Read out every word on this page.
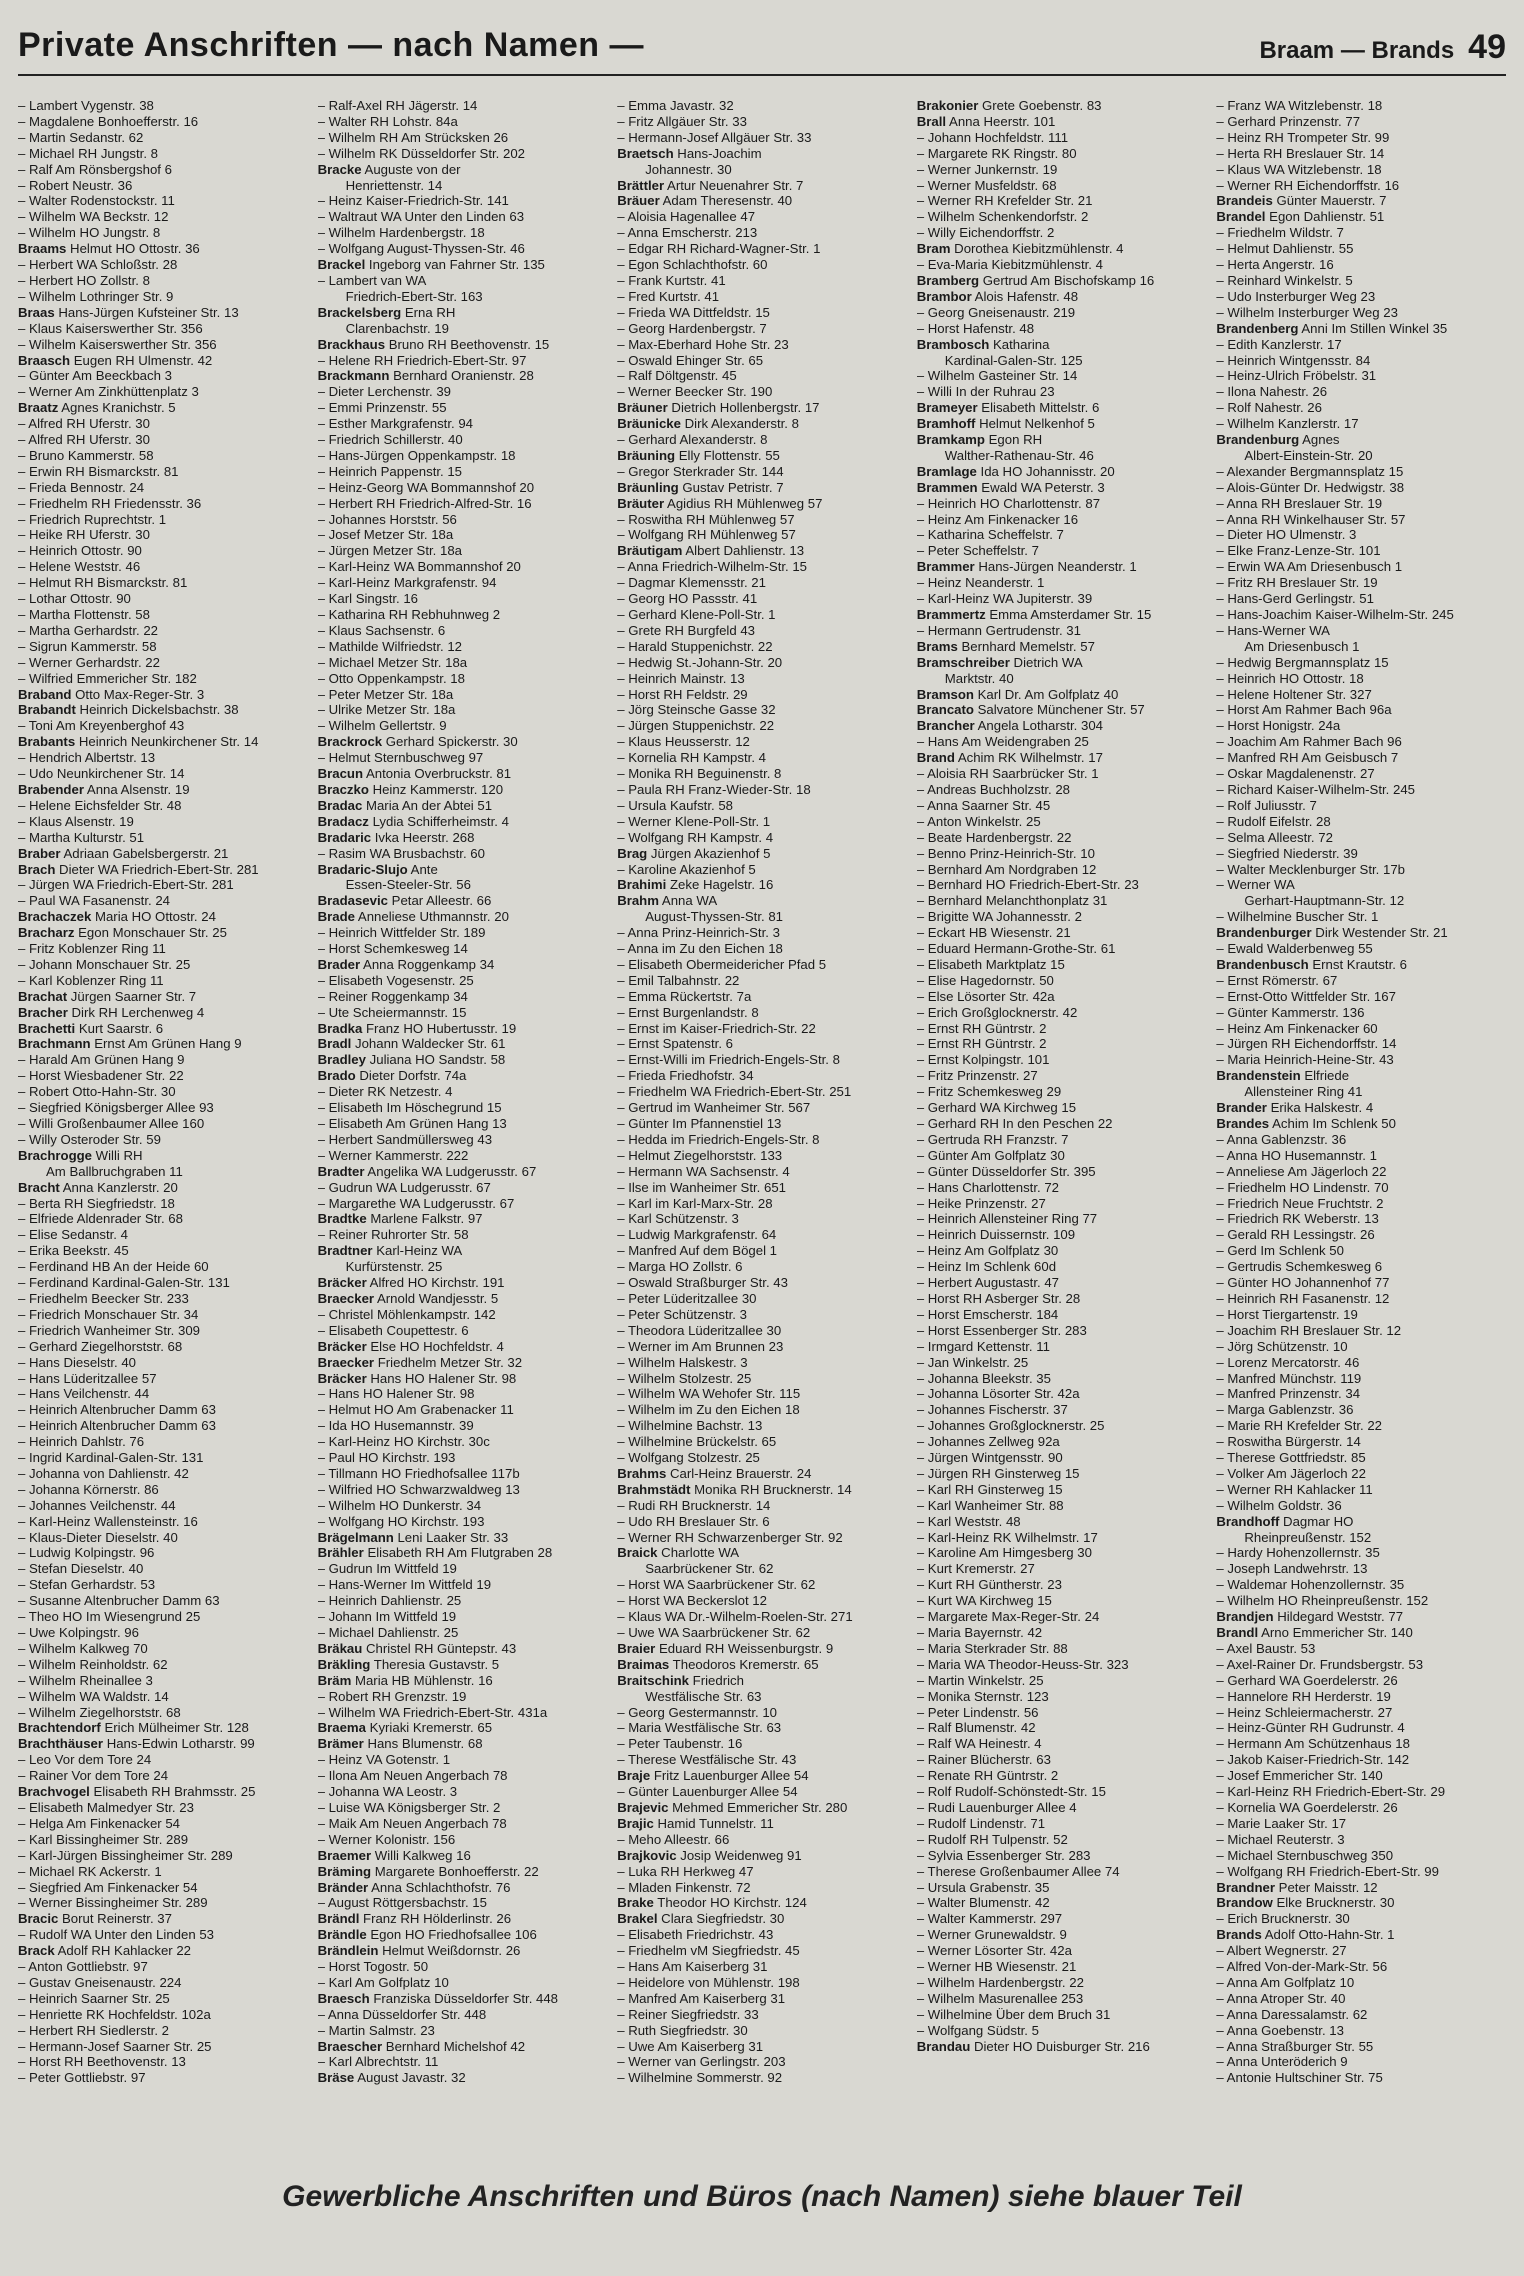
Private Anschriften — nach Namen —	Braam — Brands 49
– Lambert Vygenstr. 38
– Magdalene Bonhoefferstr. 16
– Martin Sedanstr. 62
– Michael RH Jungstr. 8
– Ralf Am Rönsbergshof 6
– Robert Neustr. 36
– Walter Rodenstockstr. 11
– Wilhelm WA Beckstr. 12
– Wilhelm HO Jungstr. 8
Braams Helmut HO Ottostr. 36
– Herbert WA Schloßstr. 28
– Herbert HO Zollstr. 8
– Wilhelm Lothringer Str. 9
Braas Hans-Jürgen Kufsteiner Str. 13
– Klaus Kaiserswerther Str. 356
– Wilhelm Kaiserswerther Str. 356
Braasch Eugen RH Ulmenstr. 42
– Günter Am Beeckbach 3
– Werner Am Zinkhüttenplatz 3
Braatz Agnes Kranichstr. 5
– Alfred RH Uferstr. 30
– Alfred RH Uferstr. 30
– Bruno Kammerstr. 58
– Erwin RH Bismarckstr. 81
– Frieda Bennostr. 24
– Friedhelm RH Friedensstr. 36
– Friedrich Ruprechtstr. 1
– Heike RH Uferstr. 30
– Heinrich Ottostr. 90
– Helene Weststr. 46
– Helmut RH Bismarckstr. 81
– Lothar Ottostr. 90
– Martha Flottenstr. 58
– Martha Gerhardstr. 22
– Sigrun Kammerstr. 58
– Werner Gerhardstr. 22
– Wilfried Emmericher Str. 182
Braband Otto Max-Reger-Str. 3
Brabandt Heinrich Dickelsbachstr. 38
– Toni Am Kreyenberghof 43
Brabants Heinrich Neunkirchener Str. 14
– Hendrich Albertstr. 13
– Udo Neunkirchener Str. 14
Brabender Anna Alsenstr. 19
– Helene Eichsfelder Str. 48
– Klaus Alsenstr. 19
– Martha Kulturstr. 51
Braber Adriaan Gabelsbergerstr. 21
Brach Dieter WA Friedrich-Ebert-Str. 281
– Jürgen WA Friedrich-Ebert-Str. 281
– Paul WA Fasanenstr. 24
Brachaczek Maria HO Ottostr. 24
Bracharz Egon Monschauer Str. 25
– Fritz Koblenzer Ring 11
– Johann Monschauer Str. 25
– Karl Koblenzer Ring 11
Brachat Jürgen Saarner Str. 7
Bracher Dirk RH Lerchenweg 4
Brachetti Kurt Saarstr. 6
Brachmann Ernst Am Grünen Hang 9
– Harald Am Grünen Hang 9
– Horst Wiesbadener Str. 22
– Robert Otto-Hahn-Str. 30
– Siegfried Königsberger Allee 93
– Willi Großenbaumer Allee 160
– Willy Osteroder Str. 59
Brachrogge Willi RH
Am Ballbruchgraben 11
Bracht Anna Kanzlerstr. 20
– Berta RH Siegfriedstr. 18
– Elfriede Aldenrader Str. 68
– Elise Sedanstr. 4
– Erika Beekstr. 45
– Ferdinand HB An der Heide 60
– Ferdinand Kardinal-Galen-Str. 131
– Friedhelm Beecker Str. 233
– Friedrich Monschauer Str. 34
– Friedrich Wanheimer Str. 309
– Gerhard Ziegelhorststr. 68
– Hans Dieselstr. 40
– Hans Lüderitzallee 57
– Hans Veilchenstr. 44
– Heinrich Altenbrucher Damm 63
– Heinrich Altenbrucher Damm 63
– Heinrich Dahlstr. 76
– Ingrid Kardinal-Galen-Str. 131
– Johanna von Dahlienstr. 42
– Johanna Körnerstr. 86
– Johannes Veilchenstr. 44
– Karl-Heinz Wallensteinstr. 16
– Klaus-Dieter Dieselstr. 40
– Ludwig Kolpingstr. 96
– Stefan Dieselstr. 40
– Stefan Gerhardstr. 53
– Susanne Altenbrucher Damm 63
– Theo HO Im Wiesengrund 25
– Uwe Kolpingstr. 96
– Wilhelm Kalkweg 70
– Wilhelm Reinholdstr. 62
– Wilhelm Rheinallee 3
– Wilhelm WA Waldstr. 14
– Wilhelm Ziegelhorststr. 68
Brachtendorf Erich Mülheimer Str. 128
Brachthäuser Hans-Edwin Lotharstr. 99
– Leo Vor dem Tore 24
– Rainer Vor dem Tore 24
Brachvogel Elisabeth RH Brahmsstr. 25
– Elisabeth Malmedyer Str. 23
– Helga Am Finkenacker 54
– Karl Bissingheimer Str. 289
– Karl-Jürgen Bissingheimer Str. 289
– Michael RK Ackerstr. 1
– Siegfried Am Finkenacker 54
– Werner Bissingheimer Str. 289
Bracic Borut Reinerstr. 37
– Rudolf WA Unter den Linden 53
Brack Adolf RH Kahlacker 22
– Anton Gottliebstr. 97
– Gustav Gneisenaustr. 224
– Heinrich Saarner Str. 25
– Henriette RK Hochfeldstr. 102a
– Herbert RH Siedlerstr. 2
– Hermann-Josef Saarner Str. 25
– Horst RH Beethovenstr. 13
– Peter Gottliebstr. 97
– Ralf-Axel RH Jägerstr. 14
– Walter RH Lohstr. 84a
– Wilhelm RH Am Strücksken 26
– Wilhelm RK Düsseldorfer Str. 202
Bracke Auguste von der
Henriettenstr. 14
– Heinz Kaiser-Friedrich-Str. 141
– Waltraut WA Unter den Linden 63
– Wilhelm Hardenbergstr. 18
– Wolfgang August-Thyssen-Str. 46
Brackel Ingeborg van Fahrner Str. 135
– Lambert van WA
Friedrich-Ebert-Str. 163
Brackelsberg Erna RH
Clarenbachstr. 19
Brackhaus Bruno RH Beethovenstr. 15
– Helene RH Friedrich-Ebert-Str. 97
Brackmann Bernhard Oranienstr. 28
– Dieter Lerchenstr. 39
– Emmi Prinzenstr. 55
– Esther Markgrafenstr. 94
– Friedrich Schillerstr. 40
– Hans-Jürgen Oppenkampstr. 18
– Heinrich Pappenstr. 15
– Heinz-Georg WA Bommannshof 20
– Herbert RH Friedrich-Alfred-Str. 16
– Johannes Horststr. 56
– Josef Metzer Str. 18a
– Jürgen Metzer Str. 18a
– Karl-Heinz WA Bommannshof 20
– Karl-Heinz Markgrafenstr. 94
– Karl Singstr. 16
– Katharina RH Rebhuhnweg 2
– Klaus Sachsenstr. 6
– Mathilde Wilfriedstr. 12
– Michael Metzer Str. 18a
– Otto Oppenkampstr. 18
– Peter Metzer Str. 18a
– Ulrike Metzer Str. 18a
– Wilhelm Gellertstr. 9
Brackrock Gerhard Spickerstr. 30
– Helmut Sternbuschweg 97
Bracun Antonia Overbruckstr. 81
Braczko Heinz Kammerstr. 120
Bradac Maria An der Abtei 51
Bradacz Lydia Schifferheimstr. 4
Bradaric Ivka Heerstr. 268
– Rasim WA Brusbachstr. 60
Bradaric-Slujo Ante
Essen-Steeler-Str. 56
Bradasevic Petar Alleestr. 66
Brade Anneliese Uthmannstr. 20
– Heinrich Wittfelder Str. 189
– Horst Schemkesweg 14
Brader Anna Roggenkamp 34
– Elisabeth Vogesenstr. 25
– Reiner Roggenkamp 34
– Ute Scheiermannstr. 15
Bradka Franz HO Hubertusstr. 19
Bradl Johann Waldecker Str. 61
Bradley Juliana HO Sandstr. 58
Brado Dieter Dorfstr. 74a
– Dieter RK Netzestr. 4
– Elisabeth Im Höschegrund 15
– Elisabeth Am Grünen Hang 13
– Herbert Sandmüllersweg 43
– Werner Kammerstr. 222
Bradter Angelika WA Ludgerusstr. 67
– Gudrun WA Ludgerusstr. 67
– Margarethe WA Ludgerusstr. 67
Bradtke Marlene Falkstr. 97
– Reiner Ruhrorter Str. 58
Bradtner Karl-Heinz WA
Kurfürstenstr. 25
Bräcker Alfred HO Kirchstr. 191
Braecker Arnold Wandjesstr. 5
– Christel Möhlenkampstr. 142
– Elisabeth Coupettestr. 6
Bräcker Else HO Hochfeldstr. 4
Braecker Friedhelm Metzer Str. 32
Bräcker Hans HO Halener Str. 98
– Hans HO Halener Str. 98
– Helmut HO Am Grabenacker 11
– Ida HO Husemannstr. 39
– Karl-Heinz HO Kirchstr. 30c
– Paul HO Kirchstr. 193
– Tillmann HO Friedhofsallee 117b
– Wilfried HO Schwarzwaldweg 13
– Wilhelm HO Dunkerstr. 34
– Wolfgang HO Kirchstr. 193
Brägelmann Leni Laaker Str. 33
Brähler Elisabeth RH Am Flutgraben 28
– Gudrun Im Wittfeld 19
– Hans-Werner Im Wittfeld 19
– Heinrich Dahlienstr. 25
– Johann Im Wittfeld 19
– Michael Dahlienstr. 25
Bräkau Christel RH Güntерstr. 43
Bräkling Theresia Gustavstr. 5
Bräm Maria HB Mühlenstr. 16
– Robert RH Grenzstr. 19
– Wilhelm WA Friedrich-Ebert-Str. 431a
Braema Kyriaki Kremerstr. 65
Brämer Hans Blumenstr. 68
– Heinz VA Gotenstr. 1
– Ilona Am Neuen Angerbach 78
– Johanna WA Leostr. 3
– Luise WA Königsberger Str. 2
– Maik Am Neuen Angerbach 78
– Werner Kolonistr. 156
Braemer Willi Kalkweg 16
Bräming Margarete Bonhoefferstr. 22
Bränder Anna Schlachthofstr. 76
– August Röttgersbachstr. 15
Brändl Franz RH Hölderlinstr. 26
Brändle Egon HO Friedhofsallee 106
Brändlein Helmut Weißdornstr. 26
– Horst Togostr. 50
– Karl Am Golfplatz 10
Braesch Franziska Düsseldorfer Str. 448
– Anna Düsseldorfer Str. 448
– Martin Salmstr. 23
Braescher Bernhard Michelshof 42
– Karl Albrechtstr. 11
Bräse August Javastr. 32
– Emma Javastr. 32
– Fritz Allgäuer Str. 33
– Hermann-Josef Allgäuer Str. 33
Braetsch Hans-Joachim
Johannestr. 30
Brättler Artur Neuenahrer Str. 7
Bräuer Adam Theresenstr. 40
– Aloisia Hagenallee 47
– Anna Emscherstr. 213
– Edgar RH Richard-Wagner-Str. 1
– Egon Schlachthofstr. 60
– Frank Kurtstr. 41
– Fred Kurtstr. 41
– Frieda WA Dittfeldstr. 15
– Georg Hardenbergstr. 7
– Max-Eberhard Hohe Str. 23
– Oswald Ehinger Str. 65
– Ralf Döltgenstr. 45
– Werner Beecker Str. 190
Bräuner Dietrich Hollenbergstr. 17
Bräunicke Dirk Alexanderstr. 8
– Gerhard Alexanderstr. 8
Bräuning Elly Flottenstr. 55
– Gregor Sterkrader Str. 144
Bräunling Gustav Petristr. 7
Bräuter Agidius RH Mühlenweg 57
– Roswitha RH Mühlenweg 57
– Wolfgang RH Mühlenweg 57
Bräutigam Albert Dahlienstr. 13
– Anna Friedrich-Wilhelm-Str. 15
– Dagmar Klemensstr. 21
– Georg HO Passstr. 41
– Gerhard Klene-Poll-Str. 1
– Grete RH Burgfeld 43
– Harald Stuppenichstr. 22
– Hedwig St.-Johann-Str. 20
– Heinrich Mainstr. 13
– Horst RH Feldstr. 29
– Jörg Steinsche Gasse 32
– Jürgen Stuppenichstr. 22
– Klaus Heusserstr. 12
– Kornelia RH Kampstr. 4
– Monika RH Beguinenstr. 8
– Paula RH Franz-Wieder-Str. 18
– Ursula Kaufstr. 58
– Werner Klene-Poll-Str. 1
– Wolfgang RH Kampstr. 4
Brag Jürgen Akazienhof 5
– Karoline Akazienhof 5
Brahimi Zeke Hagelstr. 16
Brahm Anna WA
August-Thyssen-Str. 81
– Anna Prinz-Heinrich-Str. 3
– Anna im Zu den Eichen 18
– Elisabeth Obermeidericher Pfad 5
– Emil Talbahnstr. 22
– Emma Rückertstr. 7a
– Ernst Burgenlandstr. 8
– Ernst im Kaiser-Friedrich-Str. 22
– Ernst Spatenstr. 6
– Ernst-Willi im Friedrich-Engels-Str. 8
– Frieda Friedhofstr. 34
– Friedhelm WA Friedrich-Ebert-Str. 251
– Gertrud im Wanheimer Str. 567
– Günter Im Pfannenstiel 13
– Hedda im Friedrich-Engels-Str. 8
– Helmut Ziegelhorststr. 133
– Hermann WA Sachsenstr. 4
– Ilse im Wanheimer Str. 651
– Karl im Karl-Marx-Str. 28
– Karl Schützenstr. 3
– Ludwig Markgrafenstr. 64
– Manfred Auf dem Bögel 1
– Marga HO Zollstr. 6
– Oswald Straßburger Str. 43
– Peter Lüderitzallee 30
– Peter Schützenstr. 3
– Theodora Lüderitzallee 30
– Werner im Am Brunnen 23
– Wilhelm Halskestr. 3
– Wilhelm Stolzestr. 25
– Wilhelm WA Wehofer Str. 115
– Wilhelm im Zu den Eichen 18
– Wilhelmine Bachstr. 13
– Wilhelmine Brückelstr. 65
– Wolfgang Stolzestr. 25
Brahms Carl-Heinz Brauerstr. 24
Brahmstädt Monika RH Brucknerstr. 14
– Rudi RH Brucknerstr. 14
– Udo RH Breslauer Str. 6
– Werner RH Schwarzenberger Str. 92
Braick Charlotte WA
Saarbrückener Str. 62
– Horst WA Saarbrückener Str. 62
– Horst WA Beckerslot 12
– Klaus WA Dr.-Wilhelm-Roelen-Str. 271
– Uwe WA Saarbrückener Str. 62
Braier Eduard RH Weissenburgstr. 9
Braimas Theodoros Kremerstr. 65
Braitschink Friedrich
Westfälische Str. 63
– Georg Gestermannstr. 10
– Maria Westfälische Str. 63
– Peter Taubenstr. 16
– Therese Westfälische Str. 43
Braje Fritz Lauenburger Allee 54
– Günter Lauenburger Allee 54
Brajevic Mehmed Emmericher Str. 280
Brajic Hamid Tunnelstr. 11
– Meho Alleestr. 66
Brajkovic Josip Weidenweg 91
– Luka RH Herkweg 47
– Mladen Finkenstr. 72
Brake Theodor HO Kirchstr. 124
Brakel Clara Siegfriedstr. 30
– Elisabeth Friedrichstr. 43
– Friedhelm vM Siegfriedstr. 45
– Hans Am Kaiserberg 31
– Heidelore von Mühlenstr. 198
– Manfred Am Kaiserberg 31
– Reiner Siegfriedstr. 33
– Ruth Siegfriedstr. 30
– Uwe Am Kaiserberg 31
– Werner van Gerlingstr. 203
– Wilhelmine Sommerstr. 92
Brakonier Grete Goebenstr. 83
Brall Anna Heerstr. 101
– Johann Hochfeldstr. 111
– Margarete RK Ringstr. 80
– Werner Junkernstr. 19
– Werner Musfeldstr. 68
– Werner RH Krefelder Str. 21
– Wilhelm Schenkendorfstr. 2
– Willy Eichendorffstr. 2
Bram Dorothea Kiebitzmühlenstr. 4
– Eva-Maria Kiebitzmühlenstr. 4
Bramberg Gertrud Am Bischofskamp 16
Brambor Alois Hafenstr. 48
– Georg Gneisenaustr. 219
– Horst Hafenstr. 48
Brambosch Katharina
Kardinal-Galen-Str. 125
– Wilhelm Gasteiner Str. 14
– Willi In der Ruhrau 23
Brameyer Elisabeth Mittelstr. 6
Bramhoff Helmut Nelkenhof 5
Bramkamp Egon RH
Walther-Rathenau-Str. 46
Bramlage Ida HO Johannisstr. 20
Brammen Ewald WA Peterstr. 3
– Heinrich HO Charlottenstr. 87
– Heinz Am Finkenacker 16
– Katharina Scheffelstr. 7
– Peter Scheffelstr. 7
Brammer Hans-Jürgen Neanderstr. 1
– Heinz Neanderstr. 1
– Karl-Heinz WA Jupiterstr. 39
Brammertz Emma Amsterdamer Str. 15
– Hermann Gertrudenstr. 31
Brams Bernhard Memelstr. 57
Bramschreiber Dietrich WA
Marktstr. 40
Bramson Karl Dr. Am Golfplatz 40
Brancato Salvatore Münchener Str. 57
Brancher Angela Lotharstr. 304
– Hans Am Weidengraben 25
Brand Achim RK Wilhelmstr. 17
– Aloisia RH Saarbrücker Str. 1
– Andreas Buchholzstr. 28
– Anna Saarner Str. 45
– Anton Winkelstr. 25
– Beate Hardenbergstr. 22
– Benno Prinz-Heinrich-Str. 10
– Bernhard Am Nordgraben 12
– Bernhard HO Friedrich-Ebert-Str. 23
– Bernhard Melanchthonplatz 31
– Brigitte WA Johannesstr. 2
– Eckart HB Wiesenstr. 21
– Eduard Hermann-Grothe-Str. 61
– Elisabeth Marktplatz 15
– Elise Hagedornstr. 50
– Else Lösorter Str. 42a
– Erich Großglocknerstr. 42
– Ernst RH Güntrstr. 2
– Ernst RH Güntrstr. 2
– Ernst Kolpingstr. 101
– Fritz Prinzenstr. 27
– Fritz Schemkesweg 29
– Gerhard WA Kirchweg 15
– Gerhard RH In den Peschen 22
– Gertruda RH Franzstr. 7
– Günter Am Golfplatz 30
– Günter Düsseldorfer Str. 395
– Hans Charlottenstr. 72
– Heike Prinzenstr. 27
– Heinrich Allensteiner Ring 77
– Heinrich Duissernstr. 109
– Heinz Am Golfplatz 30
– Heinz Im Schlenk 60d
– Herbert Augustastr. 47
– Horst RH Asberger Str. 28
– Horst Emscherstr. 184
– Horst Essenberger Str. 283
– Irmgard Kettenstr. 11
– Jan Winkelstr. 25
– Johanna Bleekstr. 35
– Johanna Lösorter Str. 42a
– Johannes Fischerstr. 37
– Johannes Großglocknerstr. 25
– Johannes Zellweg 92a
– Jürgen Wintgensstr. 90
– Jürgen RH Ginsterweg 15
– Karl RH Ginsterweg 15
– Karl Wanheimer Str. 88
– Karl Weststr. 48
– Karl-Heinz RK Wilhelmstr. 17
– Karoline Am Himgesberg 30
– Kurt Kremerstr. 27
– Kurt RH Güntherstr. 23
– Kurt WA Kirchweg 15
– Margarete Max-Reger-Str. 24
– Maria Bayernstr. 42
– Maria Sterkrader Str. 88
– Maria WA Theodor-Heuss-Str. 323
– Martin Winkelstr. 25
– Monika Sternstr. 123
– Peter Lindenstr. 56
– Ralf Blumenstr. 42
– Ralf WA Heinestr. 4
– Rainer Blücherstr. 63
– Renate RH Güntrstr. 2
– Rolf Rudolf-Schönstedt-Str. 15
– Rudi Lauenburger Allee 4
– Rudolf Lindenstr. 71
– Rudolf RH Tulpenstr. 52
– Sylvia Essenberger Str. 283
– Therese Großenbaumer Allee 74
– Ursula Grabenstr. 35
– Walter Blumenstr. 42
– Walter Kammerstr. 297
– Werner Grunewaldstr. 9
– Werner Lösorter Str. 42a
– Werner HB Wiesenstr. 21
– Wilhelm Hardenbergstr. 22
– Wilhelm Masurenallee 253
– Wilhelmine Über dem Bruch 31
– Wolfgang Südstr. 5
Brandau Dieter HO Duisburger Str. 216
– Franz WA Witzlebenstr. 18
– Gerhard Prinzenstr. 77
– Heinz RH Trompeter Str. 99
– Herta RH Breslauer Str. 14
– Klaus WA Witzlebenstr. 18
– Werner RH Eichendorffstr. 16
Brandeis Günter Mauerstr. 7
Brandel Egon Dahlienstr. 51
– Friedhelm Wildstr. 7
– Helmut Dahlienstr. 55
– Herta Angerstr. 16
– Reinhard Winkelstr. 5
– Udo Insterburger Weg 23
– Wilhelm Insterburger Weg 23
Brandenberg Anni Im Stillen Winkel 35
– Edith Kanzlerstr. 17
– Heinrich Wintgensstr. 84
– Heinz-Ulrich Fröbelstr. 31
– Ilona Nahestr. 26
– Rolf Nahestr. 26
– Wilhelm Kanzlerstr. 17
Brandenburg Agnes
Albert-Einstein-Str. 20
– Alexander Bergmannsplatz 15
– Alois-Günter Dr. Hedwigstr. 38
– Anna RH Breslauer Str. 19
– Anna RH Winkelhauser Str. 57
– Dieter HO Ulmenstr. 3
– Elke Franz-Lenze-Str. 101
– Erwin WA Am Driesenbusch 1
– Fritz RH Breslauer Str. 19
– Hans-Gerd Gerlingstr. 51
– Hans-Joachim Kaiser-Wilhelm-Str. 245
– Hans-Werner WA
Am Driesenbusch 1
– Hedwig Bergmannsplatz 15
– Heinrich HO Ottostr. 18
– Helene Holtener Str. 327
– Horst Am Rahmer Bach 96a
– Horst Honigstr. 24a
– Joachim Am Rahmer Bach 96
– Manfred RH Am Geisbusch 7
– Oskar Magdalenenstr. 27
– Richard Kaiser-Wilhelm-Str. 245
– Rolf Juliusstr. 7
– Rudolf Eifelstr. 28
– Selma Alleestr. 72
– Siegfried Niederstr. 39
– Walter Mecklenburger Str. 17b
– Werner WA
Gerhart-Hauptmann-Str. 12
– Wilhelmine Buscher Str. 1
Brandenburger Dirk Westender Str. 21
– Ewald Walderbenweg 55
Brandenbusch Ernst Krautstr. 6
– Ernst Römerstr. 67
– Ernst-Otto Wittfelder Str. 167
– Günter Kammerstr. 136
– Heinz Am Finkenacker 60
– Jürgen RH Eichendorffstr. 14
– Maria Heinrich-Heine-Str. 43
Brandenstein Elfriede
Allensteiner Ring 41
Brander Erika Halskestr. 4
Brandes Achim Im Schlenk 50
– Anna Gablenzstr. 36
– Anna HO Husemannstr. 1
– Anneliese Am Jägerloch 22
– Friedhelm HO Lindenstr. 70
– Friedrich Neue Fruchtstr. 2
– Friedrich RK Weberstr. 13
– Gerald RH Lessingstr. 26
– Gerd Im Schlenk 50
– Gertrudis Schemkesweg 6
– Günter HO Johannenhof 77
– Heinrich RH Fasanenstr. 12
– Horst Tiergartenstr. 19
– Joachim RH Breslauer Str. 12
– Jörg Schützenstr. 10
– Lorenz Mercatorstr. 46
– Manfred Münchstr. 119
– Manfred Prinzenstr. 34
– Marga Gablenzstr. 36
– Marie RH Krefelder Str. 22
– Roswitha Bürgerstr. 14
– Therese Gottfriedstr. 85
– Volker Am Jägerloch 22
– Werner RH Kahlacker 11
– Wilhelm Goldstr. 36
Brandhoff Dagmar HO
Rheinpreußenstr. 152
– Hardy Hohenzollernstr. 35
– Joseph Landwehrstr. 13
– Waldemar Hohenzollernstr. 35
– Wilhelm HO Rheinpreußenstr. 152
Brandjen Hildegard Weststr. 77
Brandl Arno Emmericher Str. 140
– Axel Baustr. 53
– Axel-Rainer Dr. Frundsbergstr. 53
– Gerhard WA Goerdelerstr. 26
– Hannelore RH Herderstr. 19
– Heinz Schleiermacherstr. 27
– Heinz-Günter RH Gudrunstr. 4
– Hermann Am Schützenhaus 18
– Jakob Kaiser-Friedrich-Str. 142
– Josef Emmericher Str. 140
– Karl-Heinz RH Friedrich-Ebert-Str. 29
– Kornelia WA Goerdelerstr. 26
– Marie Laaker Str. 17
– Michael Reuterstr. 3
– Michael Sternbuschweg 350
– Wolfgang RH Friedrich-Ebert-Str. 99
Brandner Peter Maisstr. 12
Brandow Elke Brucknerstr. 30
– Erich Brucknerstr. 30
Brands Adolf Otto-Hahn-Str. 1
– Albert Wegnerstr. 27
– Alfred Von-der-Mark-Str. 56
– Anna Am Golfplatz 10
– Anna Atroper Str. 40
– Anna Daressalamstr. 62
– Anna Goebenstr. 13
– Anna Straßburger Str. 55
– Anna Unteröderich 9
– Antonie Hultschiner Str. 75
Gewerbliche Anschriften und Büros (nach Namen) siehe blauer Teil
